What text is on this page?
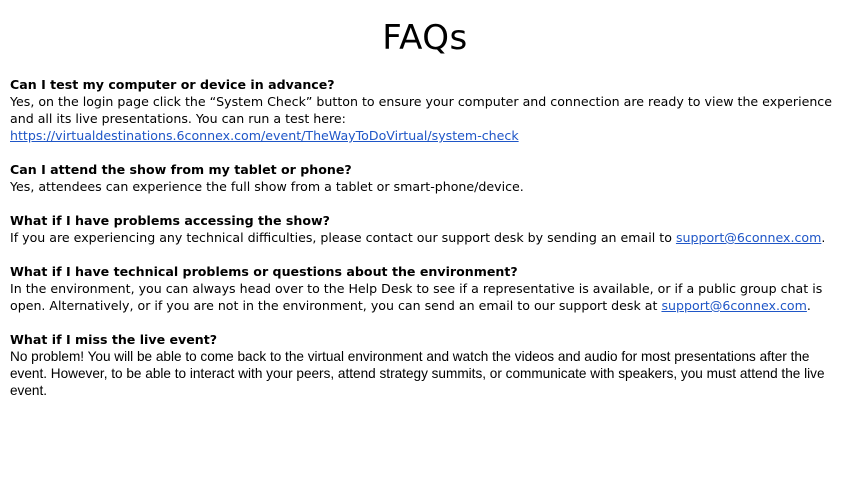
FAQs
Can I test my computer or device in advance?
Yes, on the login page click the “System Check” button to ensure your computer and connection are ready to view the experience and all its live presentations. You can run a test here:
https://virtualdestinations.6connex.com/event/TheWayToDoVirtual/system-check
Can I attend the show from my tablet or phone?
Yes, attendees can experience the full show from a tablet or smart-phone/device.
What if I have problems accessing the show?
If you are experiencing any technical difficulties, please contact our support desk by sending an email to support@6connex.com.
What if I have technical problems or questions about the environment?
In the environment, you can always head over to the Help Desk to see if a representative is available, or if a public group chat is open. Alternatively, or if you are not in the environment, you can send an email to our support desk at support@6connex.com.
What if I miss the live event?
No problem! You will be able to come back to the virtual environment and watch the videos and audio for most presentations after the event. However, to be able to interact with your peers, attend strategy summits, or communicate with speakers, you must attend the live event.
